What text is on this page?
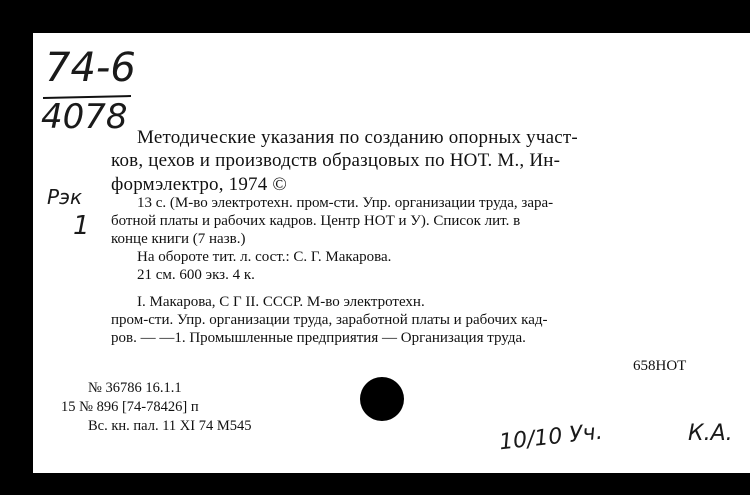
74-6
4078
Рэк
1
Методические указания по созданию опорных участ-
ков, цехов и производств образцовых по НОТ. М., Ин-
формэлектро, 1974 ©
13 с. (М-во электротехн. пром-сти. Упр. организации труда, зара-
ботной платы и рабочих кадров. Центр НОТ и У). Список лит. в
конце книги (7 назв.)
На обороте тит. л. сост.: С. Г. Макарова.
21 см. 600 экз. 4 к.
I. Макарова, С Г II. СССР. М-во электротехн.
пром-сти. Упр. организации труда, заработной платы и рабочих кад-
ров. — —1. Промышленные предприятия — Организация труда.
658НОТ
№ 36786 16.1.1
15 № 896 [74-78426] п
Вс. кн. пал. 11 XI 74 М545	10/10 Уч.	К.А.
